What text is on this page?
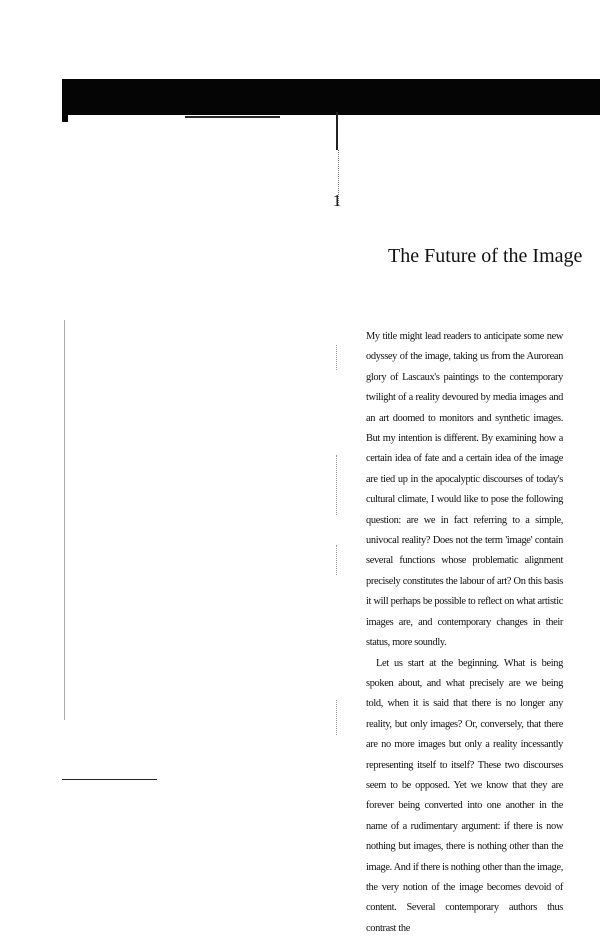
1
The Future of the Image

My title might lead readers to anticipate some new odyssey of the image, taking us from the Aurorean glory of Lascaux's paintings to the contemporary twilight of a reality devoured by media images and an art doomed to monitors and synthetic images. But my intention is different. By examining how a certain idea of fate and a certain idea of the image are tied up in the apocalyptic discourses of today's cultural climate, I would like to pose the following question: are we in fact referring to a simple, univocal reality? Does not the term 'image' contain several functions whose problematic alignment precisely constitutes the labour of art? On this basis it will perhaps be possible to reflect on what artistic images are, and contemporary changes in their status, more soundly.

Let us start at the beginning. What is being spoken about, and what precisely are we being told, when it is said that there is no longer any reality, but only images? Or, conversely, that there are no more images but only a reality incessantly representing itself to itself? These two discourses seem to be opposed. Yet we know that they are forever being converted into one another in the name of a rudimentary argument: if there is now nothing but images, there is nothing other than the image. And if there is nothing other than the image, the very notion of the image becomes devoid of content. Several contemporary authors thus contrast the
